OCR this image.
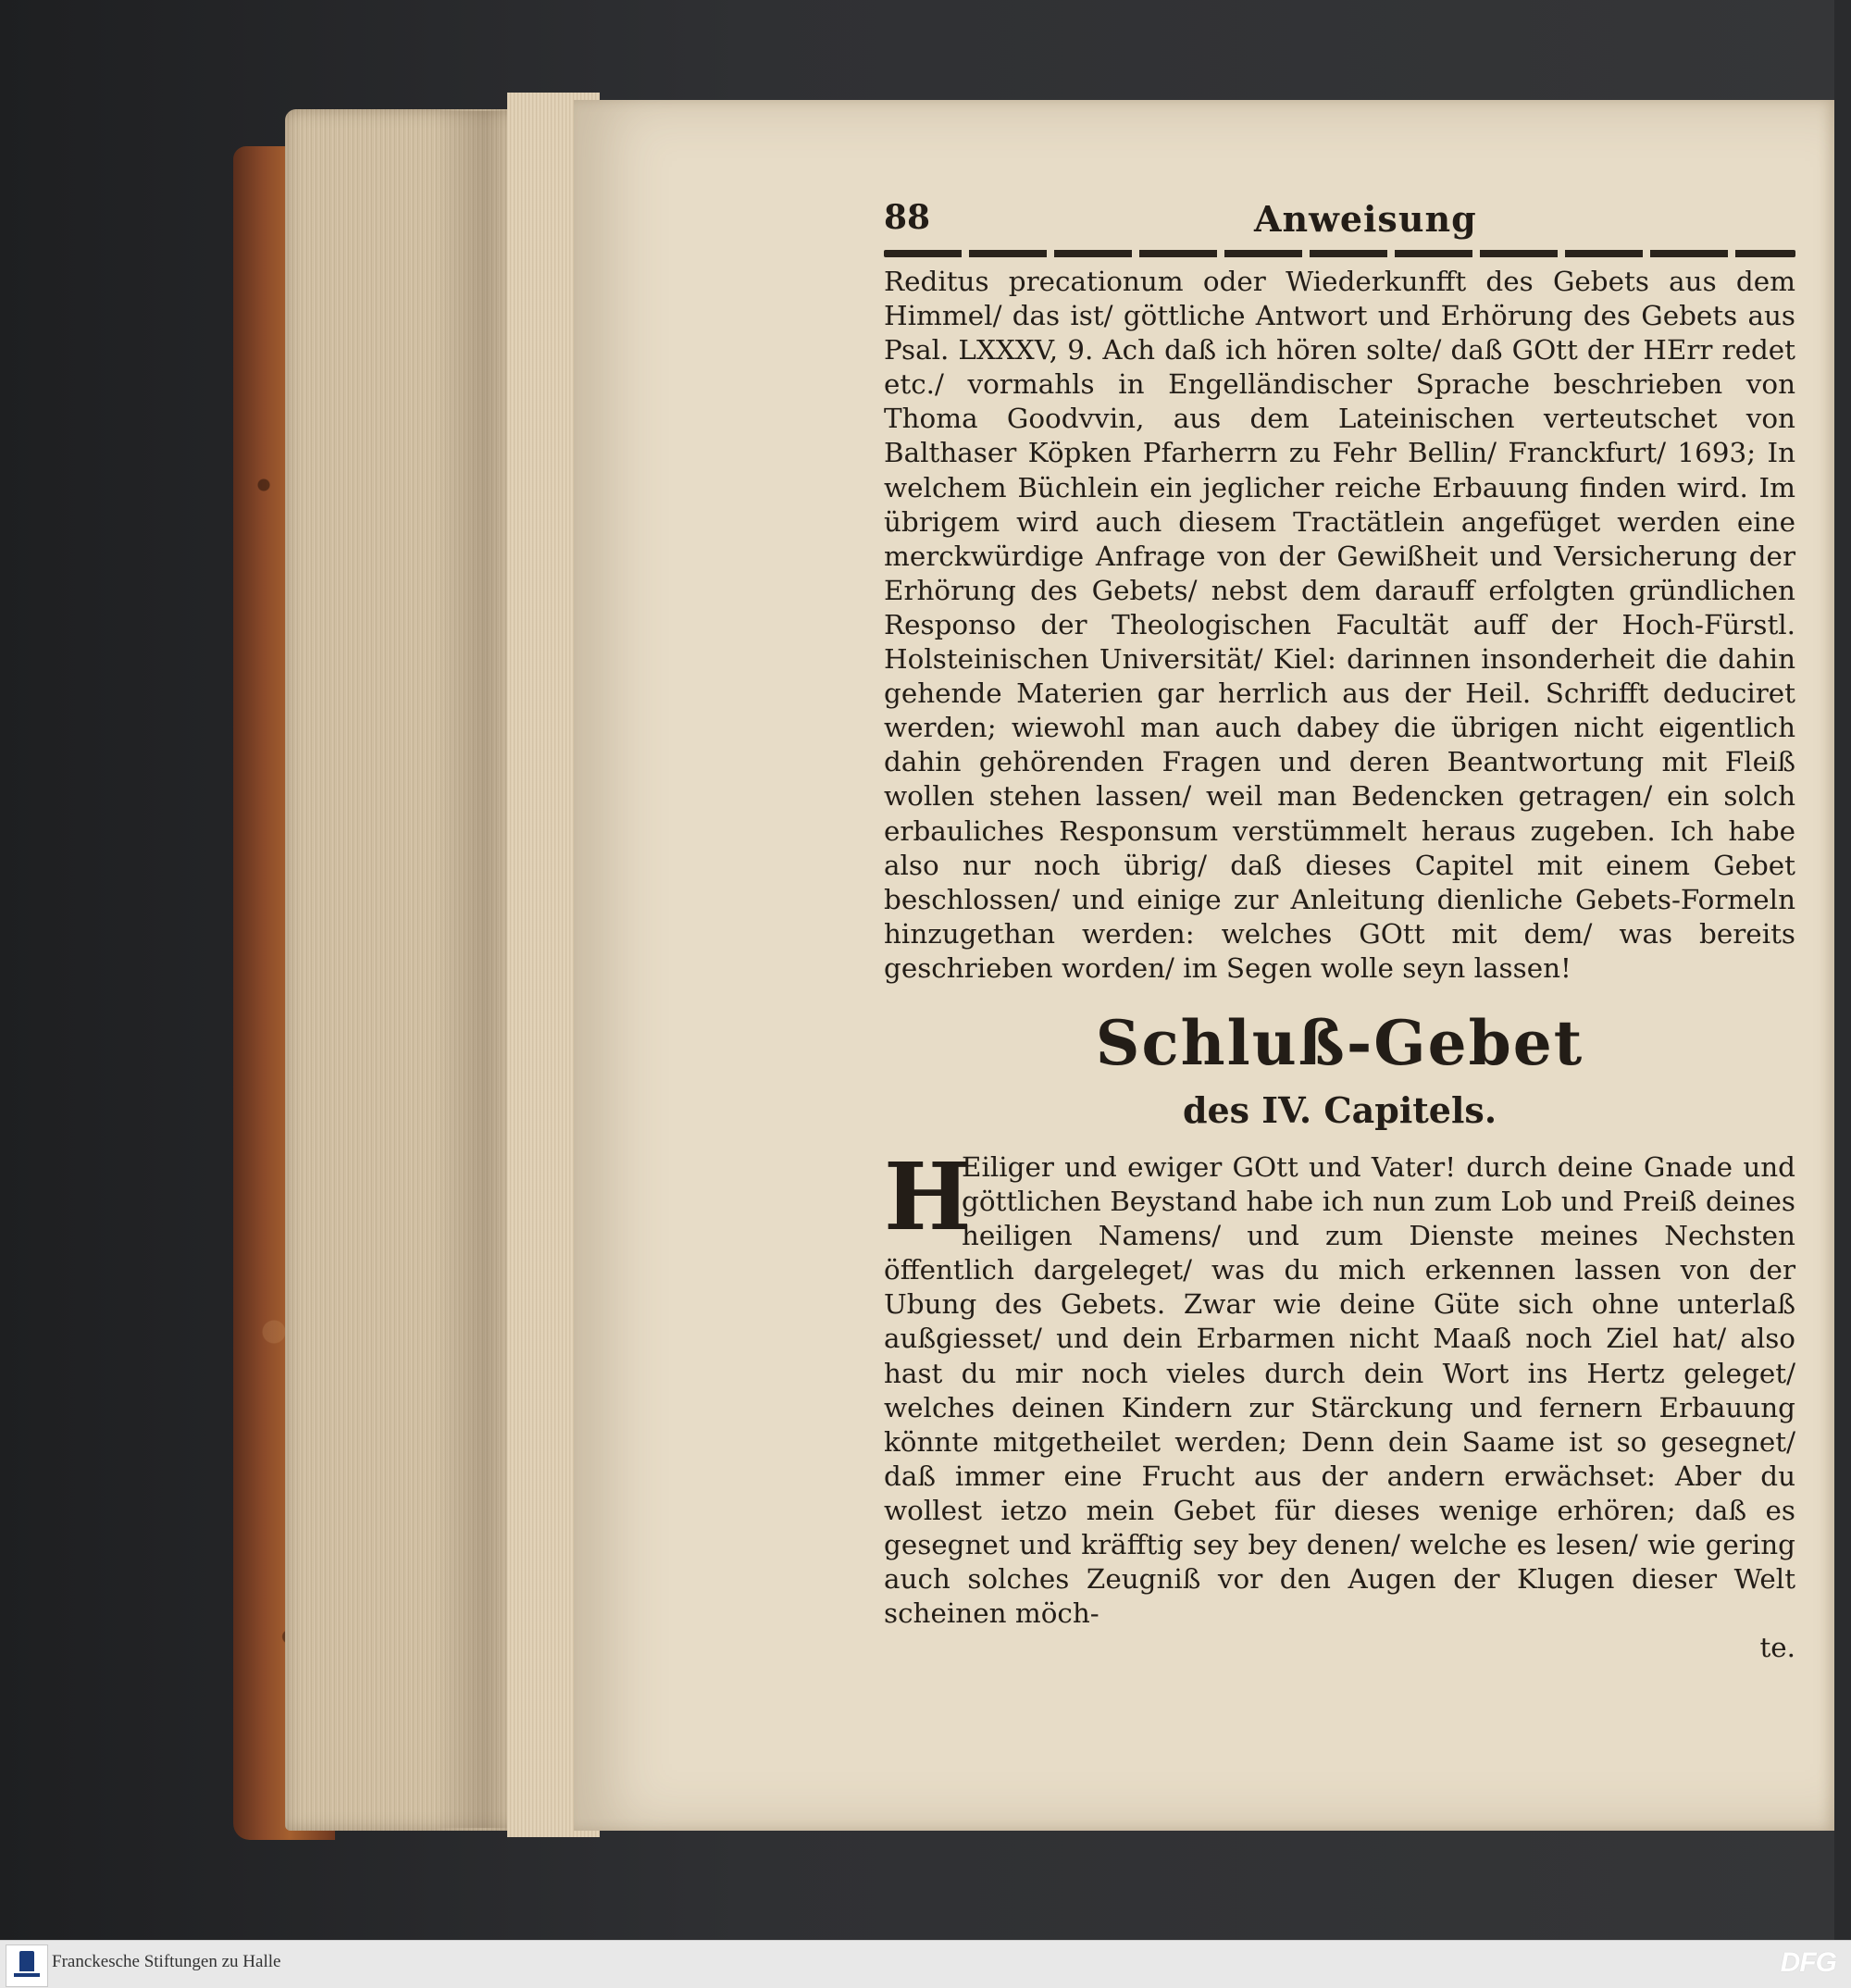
88	Anweisung

Reditus precationum oder Wiederkunfft des Gebets aus dem Himmel/ das ist/ göttliche Antwort und Erhörung des Gebets aus Psal. LXXXV, 9. Ach daß ich hören solte/ daß GOtt der HErr redet etc./ vormahls in Engelländischer Sprache beschrieben von Thoma Goodvvin, aus dem Lateinischen verteutschet von Balthaser Köpken Pfarherrn zu Fehr Bellin/ Franckfurt/ 1693; In welchem Büchlein ein jeglicher reiche Erbauung finden wird. Im übrigem wird auch diesem Tractätlein angefüget werden eine merckwürdige Anfrage von der Gewißheit und Versicherung der Erhörung des Gebets/ nebst dem darauff erfolgten gründlichen Responso der Theologischen Facultät auff der Hoch-Fürstl. Holsteinischen Universität/ Kiel: darinnen insonderheit die dahin gehende Materien gar herrlich aus der Heil. Schrifft deduciret werden; wiewohl man auch dabey die übrigen nicht eigentlich dahin gehörenden Fragen und deren Beantwortung mit Fleiß wollen stehen lassen/ weil man Bedencken getragen/ ein solch erbauliches Responsum verstümmelt heraus zugeben. Ich habe also nur noch übrig/ daß dieses Capitel mit einem Gebet beschlossen/ und einige zur Anleitung dienliche Gebets-Formeln hinzugethan werden: welches GOtt mit dem/ was bereits geschrieben worden/ im Segen wolle seyn lassen!

Schluß-Gebet
des IV. Capitels.

H
Eiliger und ewiger GOtt und Vater! durch deine Gnade und göttlichen Beystand habe ich nun zum Lob und Preiß deines heiligen Namens/ und zum Dienste meines Nechsten öffentlich dargeleget/ was du mich erkennen lassen von der Ubung des Gebets. Zwar wie deine Güte sich ohne unterlaß außgiesset/ und dein Erbarmen nicht Maaß noch Ziel hat/ also hast du mir noch vieles durch dein Wort ins Hertz geleget/ welches deinen Kindern zur Stärckung und fernern Erbauung könnte mitgetheilet werden; Denn dein Saame ist so gesegnet/ daß immer eine Frucht aus der andern erwächset: Aber du wollest ietzo mein Gebet für dieses wenige erhören; daß es gesegnet und kräfftig sey bey denen/ welche es lesen/ wie gering auch solches Zeugniß vor den Augen der Klugen dieser Welt scheinen möch-

te.

Franckesche Stiftungen zu Halle	DFG
